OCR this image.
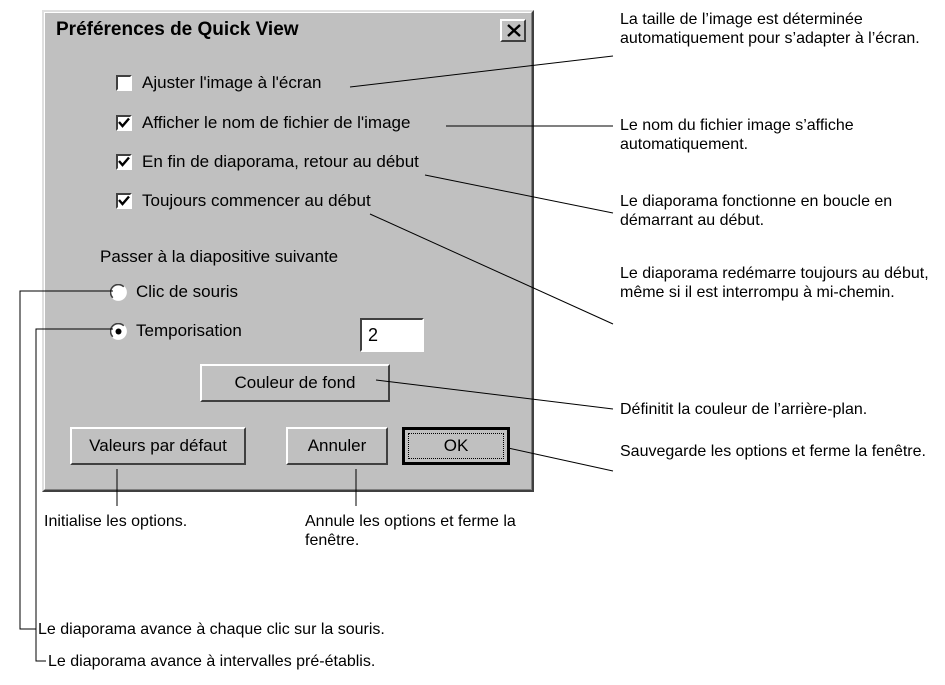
Préférences de Quick View
Ajuster l'image à l'écran
Afficher le nom de fichier de l'image
En fin de diaporama, retour au début
Toujours commencer au début
Passer à la diapositive suivante
Clic de souris
Temporisation
2
Couleur de fond
Valeurs par défaut	Annuler	OK
La taille de l’image est déterminée automatiquement pour s’adapter à l’écran.
Le nom du fichier image s’affiche automatiquement.
Le diaporama fonctionne en boucle en démarrant au début.
Le diaporama redémarre toujours au début, même si il est interrompu à mi-chemin.
Définitit la couleur de l’arrière-plan.
Sauvegarde les options et ferme la fenêtre.
Initialise les options.	Annule les options et ferme la fenêtre.
Le diaporama avance à chaque clic sur la souris.
Le diaporama avance à intervalles pré-établis.
